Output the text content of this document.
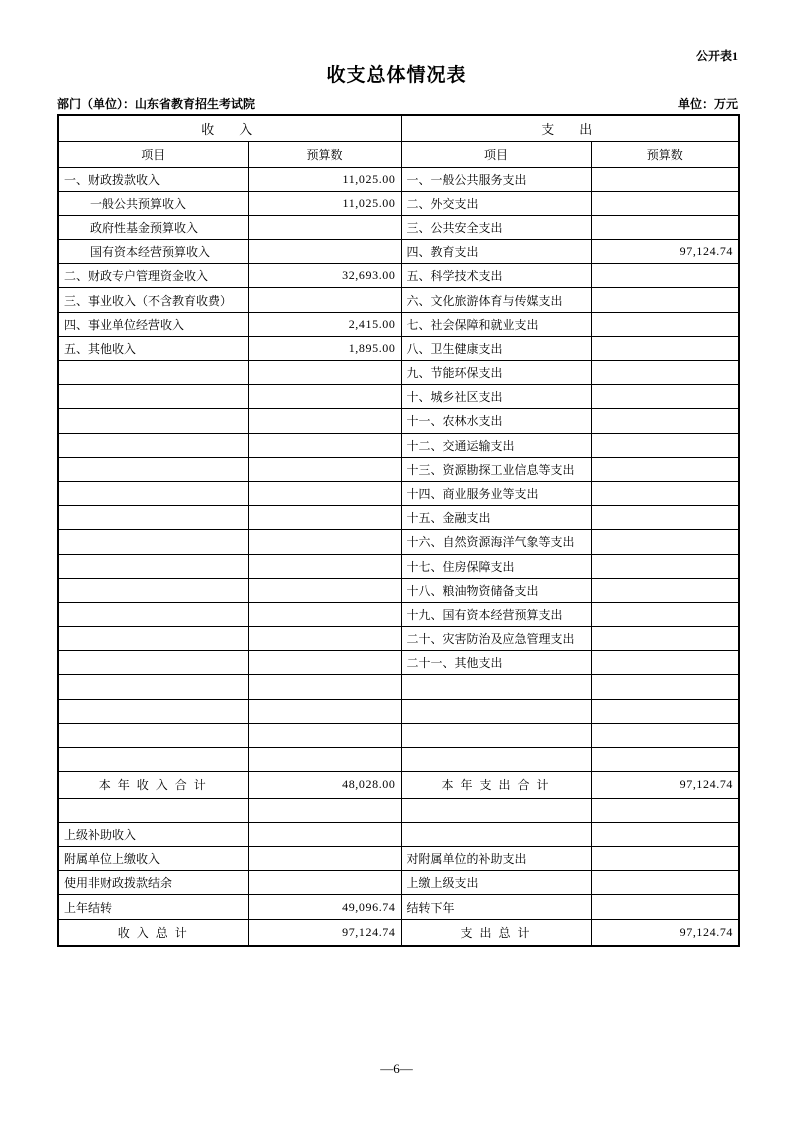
公开表1
收支总体情况表
部门（单位）：山东省教育招生考试院	单位：万元
收　入		支　出	
项目	预算数	项目	预算数
一、财政拨款收入	11,025.00	一、一般公共服务支出	
一般公共预算收入	11,025.00	二、外交支出	
政府性基金预算收入		三、公共安全支出	
国有资本经营预算收入		四、教育支出	97,124.74
二、财政专户管理资金收入	32,693.00	五、科学技术支出	
三、事业收入（不含教育收费）		六、文化旅游体育与传媒支出	
四、事业单位经营收入	2,415.00	七、社会保障和就业支出	
五、其他收入	1,895.00	八、卫生健康支出	
		九、节能环保支出	
		十、城乡社区支出	
		十一、农林水支出	
		十二、交通运输支出	
		十三、资源勘探工业信息等支出	
		十四、商业服务业等支出	
		十五、金融支出	
		十六、自然资源海洋气象等支出	
		十七、住房保障支出	
		十八、粮油物资储备支出	
		十九、国有资本经营预算支出	
		二十、灾害防治及应急管理支出	
		二十一、其他支出	

本 年 收 入 合 计	48,028.00	本 年 支 出 合 计	97,124.74

上级补助收入			
附属单位上缴收入		对附属单位的补助支出	
使用非财政拨款结余		上缴上级支出	
上年结转	49,096.74	结转下年	
收 入 总 计	97,124.74	支 出 总 计	97,124.74
—6—
